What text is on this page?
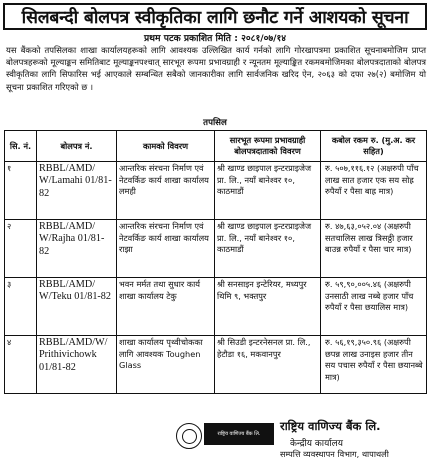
सिलबन्दी बोलपत्र स्वीकृतिका लागि छनौट गर्ने आशयको सूचना
प्रथम पटक प्रकाशित मिति : २०८१/०७/१४
यस बैंकको तपसिलका शाखा कार्यालयहरूको लागि आवश्यक उल्लिखित कार्य गर्नको लागि गोरखापत्रमा प्रकाशित सूचनाबमोजिम प्राप्त बोलपत्रहरूको मूल्याङ्कन समितिबाट मूल्याङ्कनपश्चात् सारभूत रूपमा प्रभावग्राही र न्यूनतम मूल्याङ्कित रकमबमोजिमका बोलपत्रदाताको बोलपत्र स्वीकृतिका लागि सिफारिस भई आएकाले सम्बन्धित सबैको जानकारीका लागि सार्वजनिक खरिद ऐन, २०६३ को दफा २७(२) बमोजिम यो सूचना प्रकाशित गरिएको छ ।
तपसिल
सि. नं.	बोलपत्र नं.	कामको विवरण	सारभूत रूपमा प्रभावग्राही बोलपत्रदाताको विवरण	कबोल रकम रु. (मु.अ. कर सहित)
१	RBBL/AMD/ W/Lamahi 01/81-82	आन्तरिक संरचना निर्माण एवं नेटवर्किङ कार्य शाखा कार्यालय लमही	श्री खाण्ड छाइपाल इन्टरप्राइजेज प्रा. लि., नयाँ बानेश्वर १०, काठमाडौं	रु. ५०७,११६.१२ (अक्षरुपी पाँच लाख सात हजार एक सय सोह्र रुपैयाँ र पैसा बाह्र मात्र)
२	RBBL/AMD/ W/Rajha 01/81-82	आन्तरिक संरचना निर्माण एवं नेटवर्किङ कार्य शाखा कार्यालय राझा	श्री खाण्ड छाइपाल इन्टरप्राइजेज प्रा. लि., नयाँ बानेश्वर १०, काठमाडौं	रु. ४७,६३,०५२.०४ (अक्षरुपी सतचालिस लाख त्रिसठ्ठी हजार बाउन्न रुपैयाँ र पैसा चार मात्र)
३	RBBL/AMD/ W/Teku 01/81-82	भवन मर्मत तथा सुधार कार्य शाखा कार्यालय टेकु	श्री सनसाइन इन्टेरियर, मध्यपुर थिमि ९, भक्तपुर	रु. ५९,९०,००५.४६ (अक्षरुपी उनसाठी लाख नब्बे हजार पाँच रुपैयाँ र पैसा छयालिस मात्र)
४	RBBL/AMD/W/ Prithivichowk 01/81-82	शाखा कार्यालय पृथ्वीचोकका लागि आवश्यक Toughen Glass	श्री सिउडी इन्टरनेसनल प्रा. लि., हेटौडा १६, मकवानपुर	रु. ५६,१९,३५०.९६ (अक्षरुपी छपन्न लाख उनाइस हजार तीन सय पचास रुपैयाँ र पैसा छयानब्बे मात्र)
राष्ट्रिय वाणिज्य बैंक लि.
राष्ट्रिय वाणिज्य बैंक लि.
केन्द्रीय कार्यालय
सम्पत्ति व्यवस्थापन विभाग, थापाथली
